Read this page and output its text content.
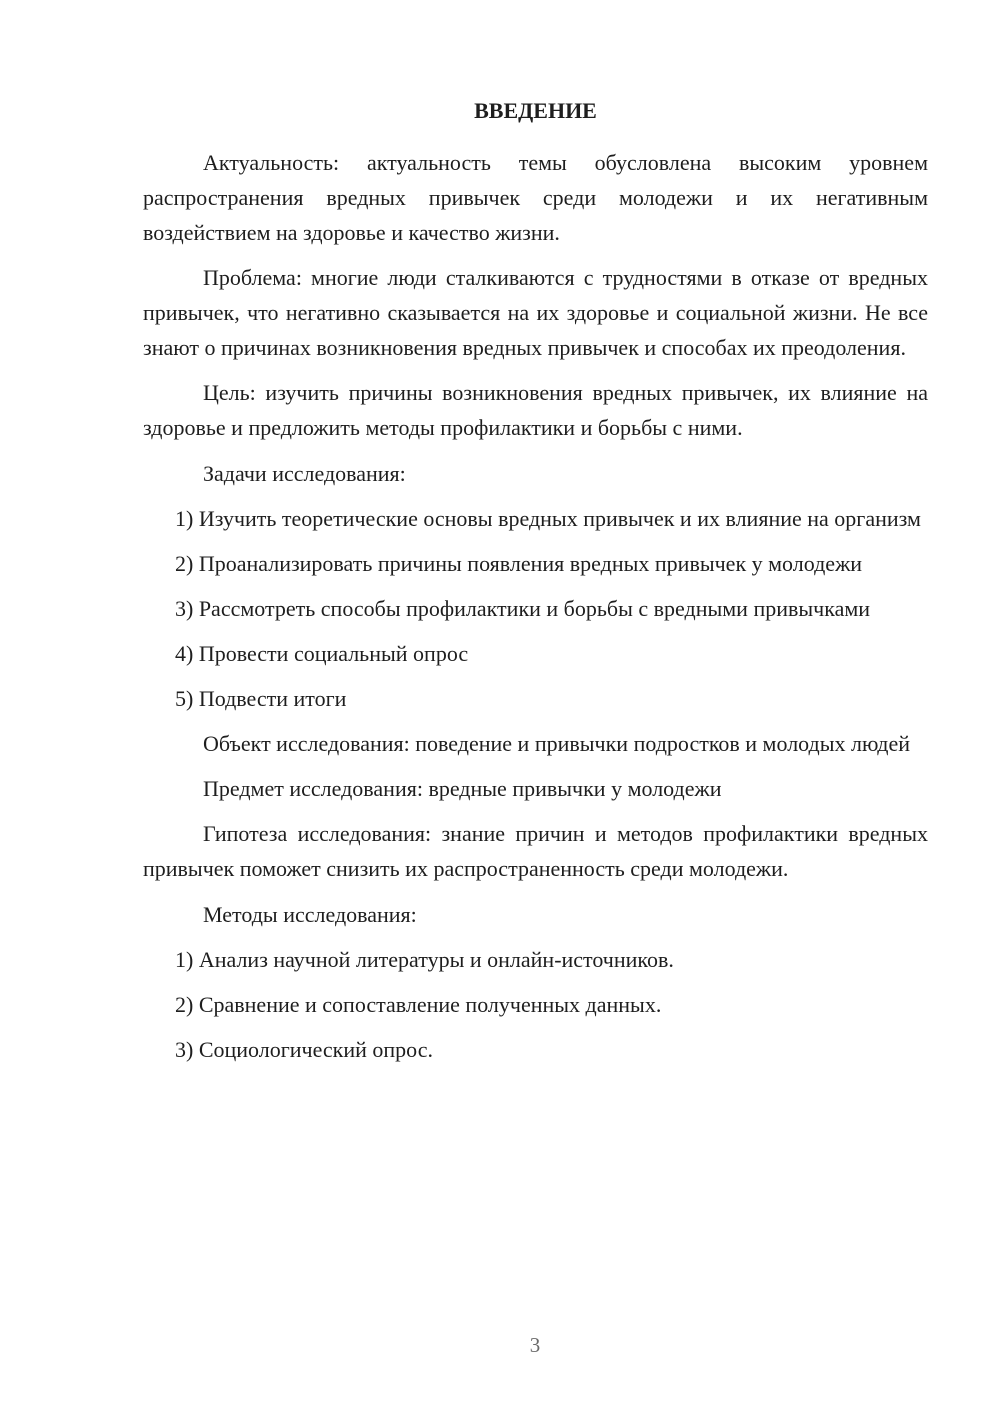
ВВЕДЕНИЕ

Актуальность: актуальность темы обусловлена высоким уровнем распространения вредных привычек среди молодежи и их негативным воздействием на здоровье и качество жизни.

Проблема: многие люди сталкиваются с трудностями в отказе от вредных привычек, что негативно сказывается на их здоровье и социальной жизни. Не все знают о причинах возникновения вредных привычек и способах их преодоления.

Цель: изучить причины возникновения вредных привычек, их влияние на здоровье и предложить методы профилактики и борьбы с ними.

Задачи исследования:

1) Изучить теоретические основы вредных привычек и их влияние на организм

2) Проанализировать причины появления вредных привычек у молодежи

3) Рассмотреть способы профилактики и борьбы с вредными привычками

4) Провести социальный опрос

5) Подвести итоги

Объект исследования: поведение и привычки подростков и молодых людей

Предмет исследования: вредные привычки у молодежи

Гипотеза исследования: знание причин и методов профилактики вредных привычек поможет снизить их распространенность среди молодежи.

Методы исследования:

1) Анализ научной литературы и онлайн-источников.

2) Сравнение и сопоставление полученных данных.

3) Социологический опрос.

3
